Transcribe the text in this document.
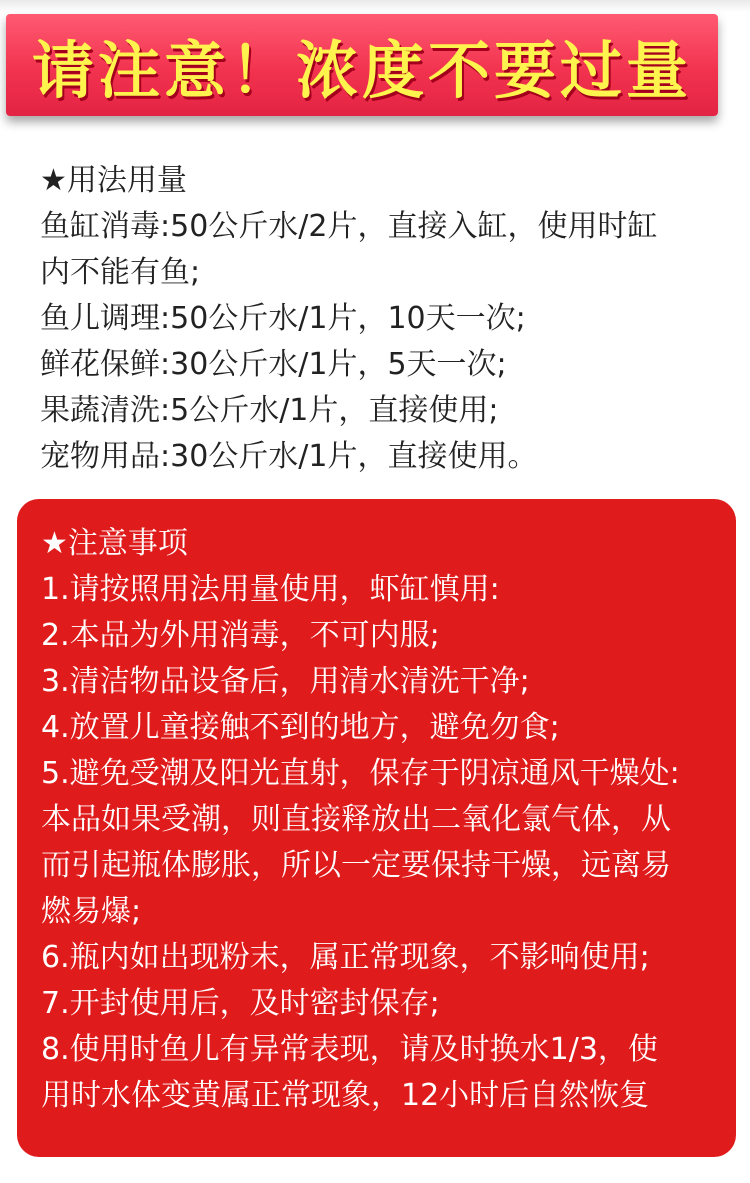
请注意！浓度不要过量

★用法用量

鱼缸消毒:50公斤水/2片，直接入缸，使用时缸

内不能有鱼;

鱼儿调理:50公斤水/1片，10天一次;

鲜花保鲜:30公斤水/1片，5天一次;

果蔬清洗:5公斤水/1片，直接使用;

宠物用品:30公斤水/1片，直接使用。

★注意事项

1.请按照用法用量使用，虾缸慎用:

2.本品为外用消毒，不可内服;

3.清洁物品设备后，用清水清洗干净;

4.放置儿童接触不到的地方，避免勿食;

5.避免受潮及阳光直射，保存于阴凉通风干燥处:

本品如果受潮，则直接释放出二氧化氯气体，从

而引起瓶体膨胀，所以一定要保持干燥，远离易

燃易爆;

6.瓶内如出现粉末，属正常现象，不影响使用;

7.开封使用后，及时密封保存;

8.使用时鱼儿有异常表现，请及时换水1/3，使

用时水体变黄属正常现象，12小时后自然恢复
